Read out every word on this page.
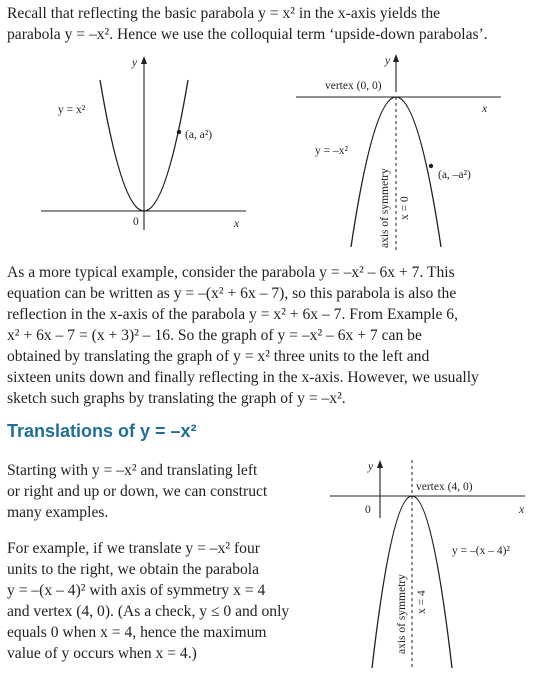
Recall that reflecting the basic parabola y = x² in the x-axis yields the
parabola y = –x². Hence we use the colloquial term ‘upside-down parabolas’.

y
x
0
y = x²
(a, a²)
y
x
vertex (0, 0)
y = –x²
(a, –a²)
axis of symmetry x = 0

As a more typical example, consider the parabola y = –x² – 6x + 7. This
equation can be written as y = –(x² + 6x – 7), so this parabola is also the
reflection in the x-axis of the parabola y = x² + 6x – 7. From Example 6,
x² + 6x – 7 = (x + 3)² – 16. So the graph of y = –x² – 6x + 7 can be
obtained by translating the graph of y = x² three units to the left and
sixteen units down and finally reflecting in the x-axis. However, we usually
sketch such graphs by translating the graph of y = –x².

Translations of y = –x²

Starting with y = –x² and translating left
or right and up or down, we can construct
many examples.

For example, if we translate y = –x² four
units to the right, we obtain the parabola
y = –(x – 4)² with axis of symmetry x = 4
and vertex (4, 0). (As a check, y ≤ 0 and only
equals 0 when x = 4, hence the maximum
value of y occurs when x = 4.)

y
x
0
vertex (4, 0)
y = –(x – 4)²
axis of symmetry x = 4
